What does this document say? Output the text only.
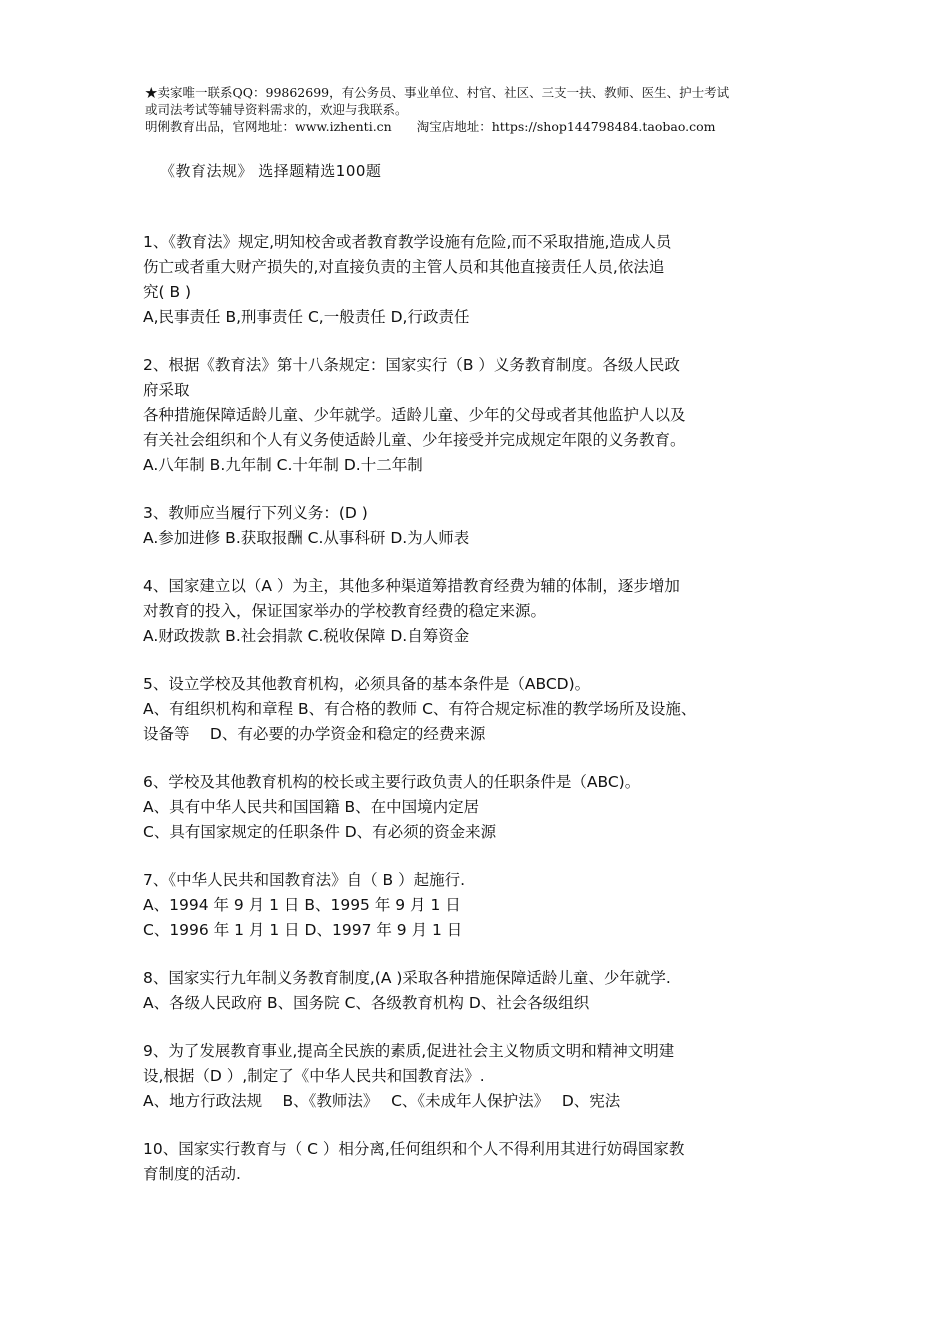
★卖家唯一联系QQ：99862699，有公务员、事业单位、村官、社区、三支一扶、教师、医生、护士考试
或司法考试等辅导资料需求的，欢迎与我联系。
明俐教育出品，官网地址：www.izhenti.cn　　淘宝店地址：https://shop144798484.taobao.com
《教育法规》 选择题精选100题
1、《教育法》规定,明知校舍或者教育教学设施有危险,而不采取措施,造成人员
伤亡或者重大财产损失的,对直接负责的主管人员和其他直接责任人员,依法追
究( B )
A,民事责任 B,刑事责任 C,一般责任 D,行政责任
2、根据《教育法》第十八条规定：国家实行（B ）义务教育制度。各级人民政
府采取
各种措施保障适龄儿童、少年就学。适龄儿童、少年的父母或者其他监护人以及
有关社会组织和个人有义务使适龄儿童、少年接受并完成规定年限的义务教育。
A.八年制 B.九年制 C.十年制 D.十二年制
3、教师应当履行下列义务：(D )
A.参加进修 B.获取报酬 C.从事科研 D.为人师表
4、国家建立以（A ）为主，其他多种渠道筹措教育经费为辅的体制，逐步增加
对教育的投入，保证国家举办的学校教育经费的稳定来源。
A.财政拨款 B.社会捐款 C.税收保障 D.自筹资金
5、设立学校及其他教育机构，必须具备的基本条件是（ABCD)。
A、有组织机构和章程 B、有合格的教师 C、有符合规定标准的教学场所及设施、
设备等　 D、有必要的办学资金和稳定的经费来源
6、学校及其他教育机构的校长或主要行政负责人的任职条件是（ABC)。
A、具有中华人民共和国国籍 B、在中国境内定居
C、具有国家规定的任职条件 D、有必须的资金来源
7、《中华人民共和国教育法》自（ B ）起施行.
A、1994 年 9 月 1 日 B、1995 年 9 月 1 日
C、1996 年 1 月 1 日 D、1997 年 9 月 1 日
8、国家实行九年制义务教育制度,(A )采取各种措施保障适龄儿童、少年就学.
A、各级人民政府 B、国务院 C、各级教育机构 D、社会各级组织
9、为了发展教育事业,提高全民族的素质,促进社会主义物质文明和精神文明建
设,根据（D ）,制定了《中华人民共和国教育法》.
A、地方行政法规　 B、《教师法》　 C、《未成年人保护法》　 D、宪法
10、国家实行教育与（ C ）相分离,任何组织和个人不得利用其进行妨碍国家教
育制度的活动.
